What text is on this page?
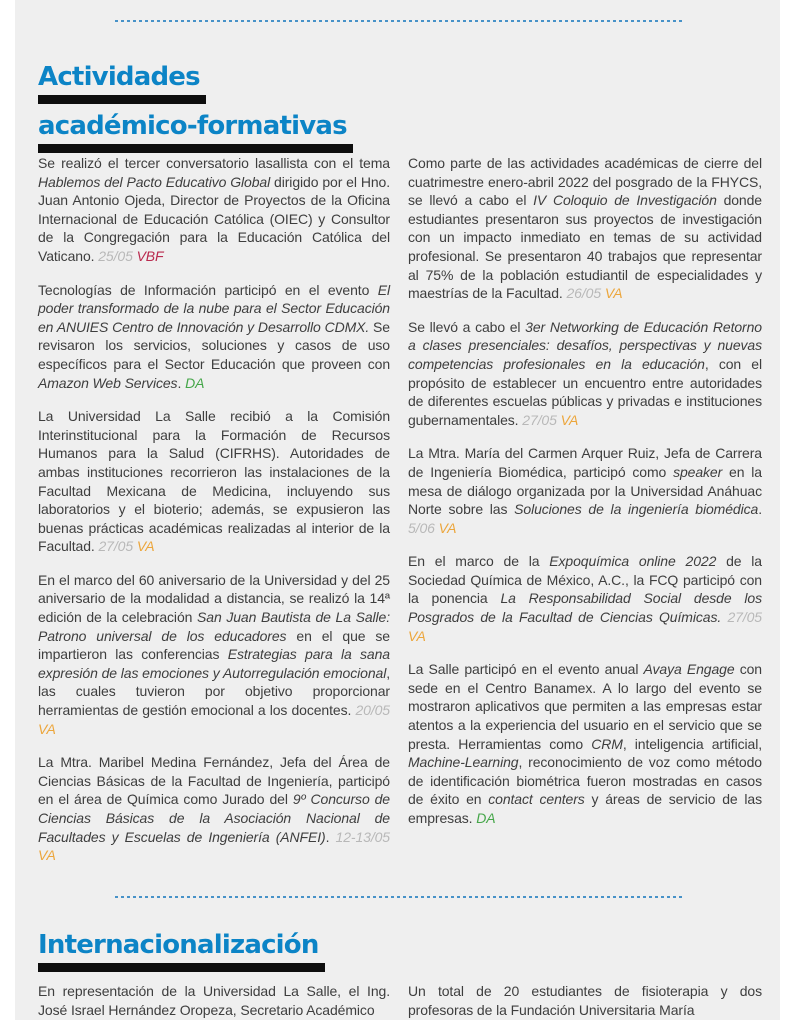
Actividades
académico-formativas

Se realizó el tercer conversatorio lasallista con el tema Hablemos del Pacto Educativo Global dirigido por el Hno. Juan Antonio Ojeda, Director de Proyectos de la Oficina Internacional de Educación Católica (OIEC) y Consultor de la Congregación para la Educación Católica del Vaticano. 25/05 VBF

Tecnologías de Información participó en el evento El poder transformado de la nube para el Sector Educación en ANUIES Centro de Innovación y Desarrollo CDMX. Se revisaron los servicios, soluciones y casos de uso específicos para el Sector Educación que proveen con Amazon Web Services. DA

La Universidad La Salle recibió a la Comisión Interinstitucional para la Formación de Recursos Humanos para la Salud (CIFRHS). Autoridades de ambas instituciones recorrieron las instalaciones de la Facultad Mexicana de Medicina, incluyendo sus laboratorios y el bioterio; además, se expusieron las buenas prácticas académicas realizadas al interior de la Facultad. 27/05 VA

En el marco del 60 aniversario de la Universidad y del 25 aniversario de la modalidad a distancia, se realizó la 14ª edición de la celebración San Juan Bautista de La Salle: Patrono universal de los educadores en el que se impartieron las conferencias Estrategias para la sana expresión de las emociones y Autorregulación emocional, las cuales tuvieron por objetivo proporcionar herramientas de gestión emocional a los docentes. 20/05 VA

La Mtra. Maribel Medina Fernández, Jefa del Área de Ciencias Básicas de la Facultad de Ingeniería, participó en el área de Química como Jurado del 9º Concurso de Ciencias Básicas de la Asociación Nacional de Facultades y Escuelas de Ingeniería (ANFEI). 12-13/05 VA

Como parte de las actividades académicas de cierre del cuatrimestre enero-abril 2022 del posgrado de la FHYCS, se llevó a cabo el IV Coloquio de Investigación donde estudiantes presentaron sus proyectos de investigación con un impacto inmediato en temas de su actividad profesional. Se presentaron 40 trabajos que representar al 75% de la población estudiantil de especialidades y maestrías de la Facultad. 26/05 VA

Se llevó a cabo el 3er Networking de Educación Retorno a clases presenciales: desafíos, perspectivas y nuevas competencias profesionales en la educación, con el propósito de establecer un encuentro entre autoridades de diferentes escuelas públicas y privadas e instituciones gubernamentales. 27/05 VA

La Mtra. María del Carmen Arquer Ruiz, Jefa de Carrera de Ingeniería Biomédica, participó como speaker en la mesa de diálogo organizada por la Universidad Anáhuac Norte sobre las Soluciones de la ingeniería biomédica. 5/06 VA

En el marco de la Expoquímica online 2022 de la Sociedad Química de México, A.C., la FCQ participó con la ponencia La Responsabilidad Social desde los Posgrados de la Facultad de Ciencias Químicas. 27/05 VA

La Salle participó en el evento anual Avaya Engage con sede en el Centro Banamex. A lo largo del evento se mostraron aplicativos que permiten a las empresas estar atentos a la experiencia del usuario en el servicio que se presta. Herramientas como CRM, inteligencia artificial, Machine-Learning, reconocimiento de voz como método de identificación biométrica fueron mostradas en casos de éxito en contact centers y áreas de servicio de las empresas. DA

Internacionalización

En representación de la Universidad La Salle, el Ing. José Israel Hernández Oropeza, Secretario Académico

Un total de 20 estudiantes de fisioterapia y dos profesoras de la Fundación Universitaria María
